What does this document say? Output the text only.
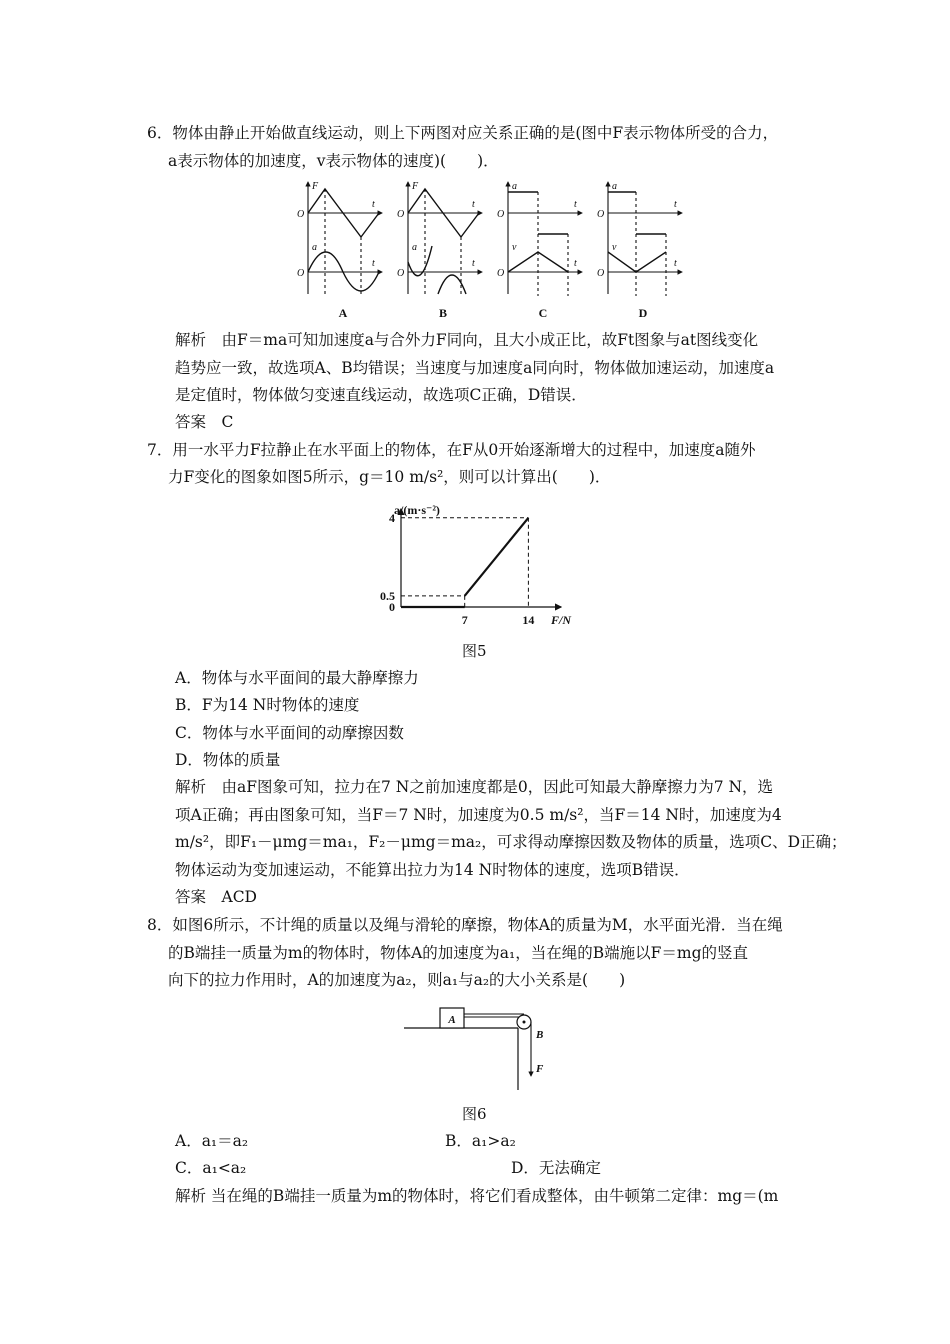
6．物体由静止开始做直线运动，则上下两图对应关系正确的是(图中F表示物体所受的合力，
a表示物体的加速度，v表示物体的速度)(　　)．
F
O
t
a
O
t
F
O
t
a
O
t
a
O
t
v
O
t
a
O
t
v
O
t
A	B	C	D
解析　由F＝ma可知加速度a与合外力F同向，且大小成正比，故Ft图象与at图线变化
趋势应一致，故选项A、B均错误；当速度与加速度a同向时，物体做加速运动，加速度a
是定值时，物体做匀变速直线运动，故选项C正确，D错误．
答案　C
7．用一水平力F拉静止在水平面上的物体，在F从0开始逐渐增大的过程中，加速度a随外
力F变化的图象如图5所示，g＝10 m/s²，则可以计算出(　　)．
0
0.5
4
7	14
a/(m·s⁻²)
F/N
图5
A．物体与水平面间的最大静摩擦力
B．F为14 N时物体的速度
C．物体与水平面间的动摩擦因数
D．物体的质量
解析　由aF图象可知，拉力在7 N之前加速度都是0，因此可知最大静摩擦力为7 N，选
项A正确；再由图象可知，当F＝7 N时，加速度为0.5 m/s²，当F＝14 N时，加速度为4
m/s²，即F₁－μmg＝ma₁，F₂－μmg＝ma₂，可求得动摩擦因数及物体的质量，选项C、D正确；
物体运动为变加速运动，不能算出拉力为14 N时物体的速度，选项B错误．
答案　ACD
8．如图6所示，不计绳的质量以及绳与滑轮的摩擦，物体A的质量为M，水平面光滑．当在绳
的B端挂一质量为m的物体时，物体A的加速度为a₁，当在绳的B端施以F＝mg的竖直
向下的拉力作用时，A的加速度为a₂，则a₁与a₂的大小关系是(　　)
A
B
F
图6
A．a₁＝a₂	B．a₁>a₂
C．a₁<a₂	D．无法确定
解析 当在绳的B端挂一质量为m的物体时，将它们看成整体，由牛顿第二定律：mg＝(m
